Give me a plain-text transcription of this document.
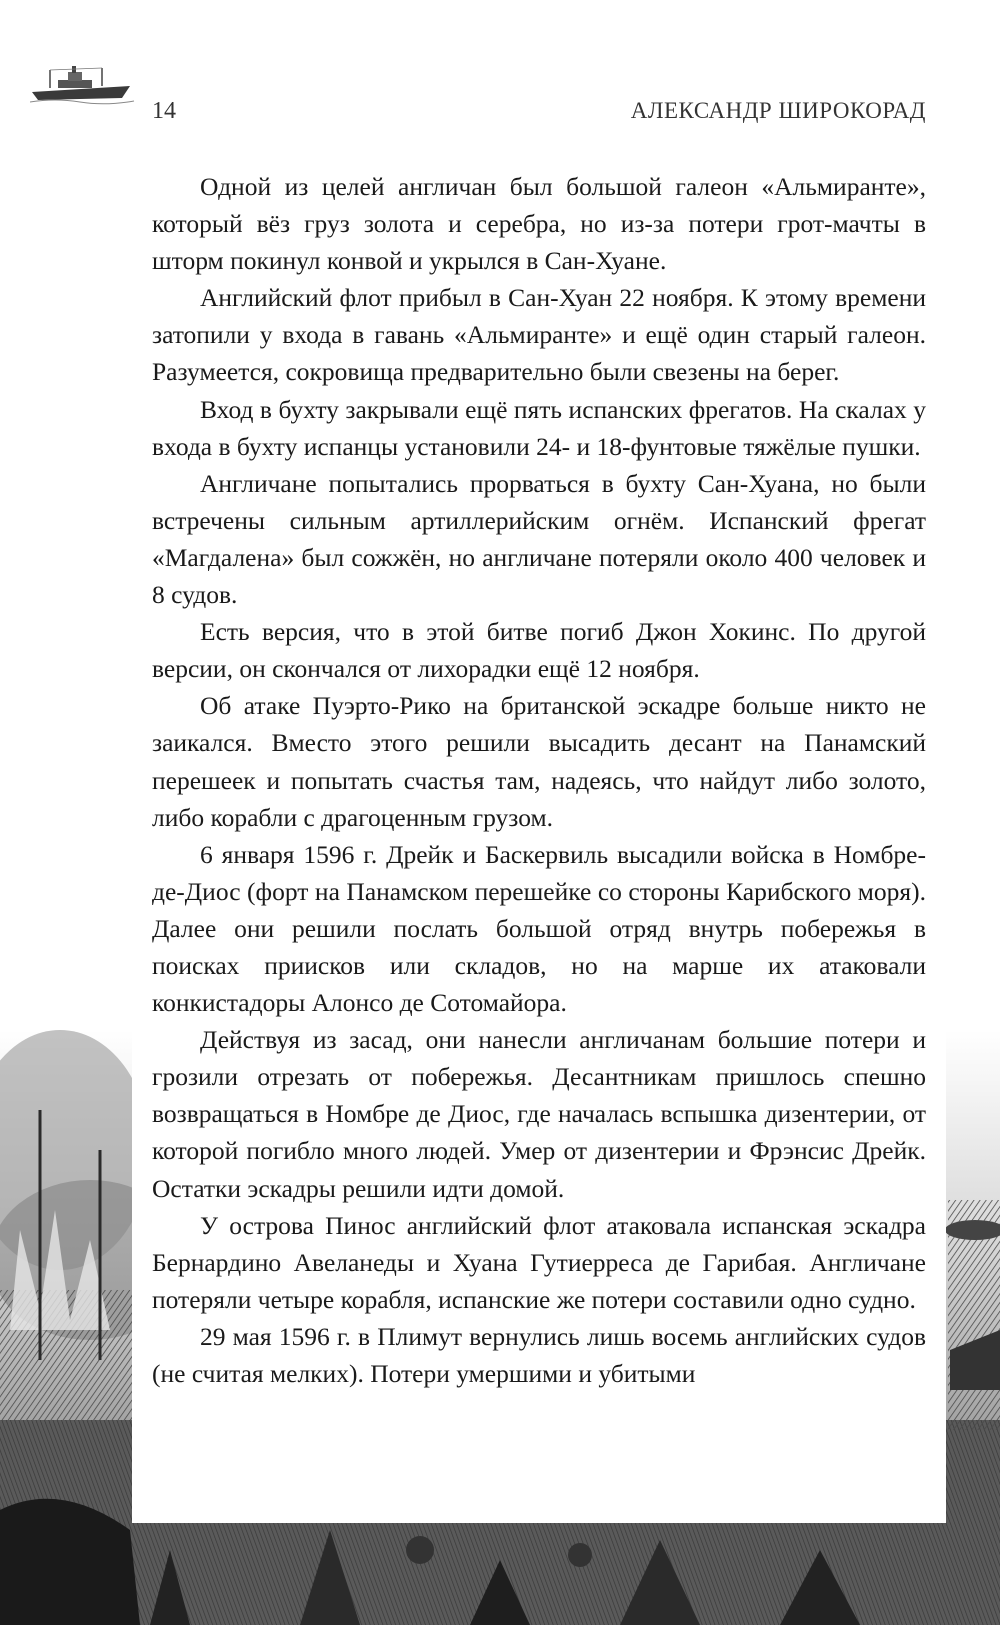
14	АЛЕКСАНДР ШИРОКОРАД

Одной из целей англичан был большой галеон «Альмиранте», который вёз груз золота и серебра, но из-за потери грот-мачты в шторм покинул конвой и укрылся в Сан-Хуане.

Английский флот прибыл в Сан-Хуан 22 ноября. К этому времени затопили у входа в гавань «Альмиранте» и ещё один старый галеон. Разумеется, сокровища предварительно были свезены на берег.

Вход в бухту закрывали ещё пять испанских фрегатов. На скалах у входа в бухту испанцы установили 24- и 18-фунтовые тяжёлые пушки.

Англичане попытались прорваться в бухту Сан-Хуана, но были встречены сильным артиллерийским огнём. Испанский фрегат «Магдалена» был сожжён, но англичане потеряли около 400 человек и 8 судов.

Есть версия, что в этой битве погиб Джон Хокинс. По другой версии, он скончался от лихорадки ещё 12 ноября.

Об атаке Пуэрто-Рико на британской эскадре больше никто не заикался. Вместо этого решили высадить десант на Панамский перешеек и попытать счастья там, надеясь, что найдут либо золото, либо корабли с драгоценным грузом.

6 января 1596 г. Дрейк и Баскервиль высадили войска в Номбре-де-Диос (форт на Панамском перешейке со стороны Карибского моря). Далее они решили послать большой отряд внутрь побережья в поисках приисков или складов, но на марше их атаковали конкистадоры Алонсо де Сотомайора.

Действуя из засад, они нанесли англичанам большие потери и грозили отрезать от побережья. Десантникам пришлось спешно возвращаться в Номбре де Диос, где началась вспышка дизентерии, от которой погибло много людей. Умер от дизентерии и Фрэнсис Дрейк. Остатки эскадры решили идти домой.

У острова Пинос английский флот атаковала испанская эскадра Бернардино Авеланеды и Хуана Гутиерреса де Гарибая. Англичане потеряли четыре корабля, испанские же потери составили одно судно.

29 мая 1596 г. в Плимут вернулись лишь восемь английских судов (не считая мелких). Потери умершими и убитыми
